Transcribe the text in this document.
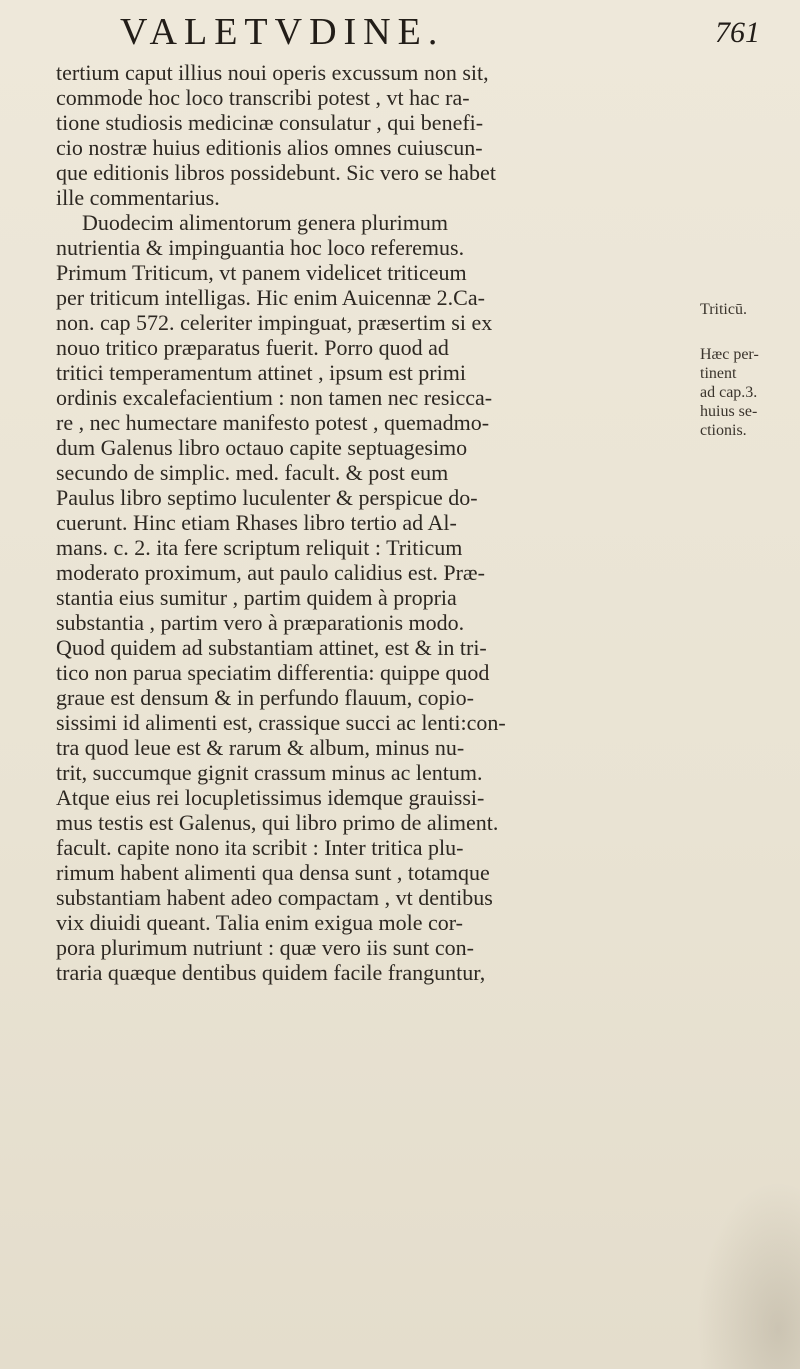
VALETVDINE.	761
tertium caput illius noui operis excussum non sit,
commode hoc loco transcribi potest , vt hac ra-
tione studiosis medicinæ consulatur , qui benefi-
cio nostræ huius editionis alios omnes cuiuscun-
que editionis libros possidebunt. Sic vero se habet
ille commentarius.
Duodecim alimentorum genera plurimum
nutrientia & impinguantia hoc loco referemus.
Primum Triticum, vt panem videlicet triticeum
per triticum intelligas. Hic enim Auicennæ 2.Ca-
non. cap 572. celeriter impinguat, præsertim si ex
nouo tritico præparatus fuerit. Porro quod ad
tritici temperamentum attinet , ipsum est primi
ordinis excalefacientium : non tamen nec resicca-
re , nec humectare manifesto potest , quemadmo-
dum Galenus libro octauo capite septuagesimo
secundo de simplic. med. facult. & post eum
Paulus libro septimo luculenter & perspicue do-
cuerunt. Hinc etiam Rhases libro tertio ad Al-
mans. c. 2. ita fere scriptum reliquit : Triticum
moderato proximum, aut paulo calidius est. Præ-
stantia eius sumitur , partim quidem à propria
substantia , partim vero à præparationis modo.
Quod quidem ad substantiam attinet, est & in tri-
tico non parua speciatim differentia: quippe quod
graue est densum & in perfundo flauum, copio-
sissimi id alimenti est, crassique succi ac lenti:con-
tra quod leue est & rarum & album, minus nu-
trit, succumque gignit crassum minus ac lentum.
Atque eius rei locupletissimus idemque grauissi-
mus testis est Galenus, qui libro primo de aliment.
facult. capite nono ita scribit : Inter tritica plu-
rimum habent alimenti qua densa sunt , totamque
substantiam habent adeo compactam , vt dentibus
vix diuidi queant. Talia enim exigua mole cor-
pora plurimum nutriunt : quæ vero iis sunt con-
traria quæque dentibus quidem facile franguntur,
Triticū.
Hæc per-
tinent
ad cap.3.
huius se-
ctionis.
